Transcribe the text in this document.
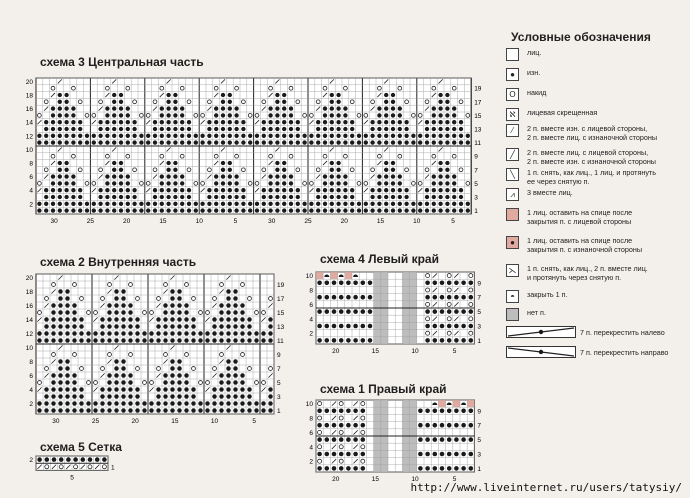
схема 3 Центральная часть
20
18
16
14
12
10
8
6
4
2
19
17
15
13
11
9
7
5
3
1
30	25	20	15	10	5	30	25	20	15	10	5
схема 2 Внутренняя часть
20
18
16
14
12
10
8
6
4
2
19
17
15
13
11
9
7
5
3
1
30	25	20	15	10	5
схема 4 Левый край
10
8
6
4
2
9
7
5
3
1
20	15	10	5
схема 1 Правый край
10
8
6
4
2
9
7
5
3
1
20	15	10	5
схема 5 Сетка
2
1
5
Условные обозначения
лиц.
●	изн.
O	накид
ℵ	лицевая скрещенная
⁄	2 п. вместе изн. с лицевой стороны,
2 п. вместе лиц. с изнаночной стороны
╱	2 п. вместе лиц. с лицевой стороны,
2 п. вместе изн. с изнаночной стороны
╲	1 п. снять, как лиц., 1 лиц. и протянуть
ее через снятую п.
⩘	3 вместе лиц.
1 лиц. оставить на спице после
закрытия п. с лицевой стороны
●	1 лиц. оставить на спице после
закрытия п. с изнаночной стороны
⋋	1 п. снять, как лиц., 2 п. вместе лиц.
и протянуть через снятую п.
◓	закрыть 1 п.
нет п.
http://www.liveinternet.ru/users/tatysiy/
7 п. перекрестить налево
7 п. перекрестить направо
